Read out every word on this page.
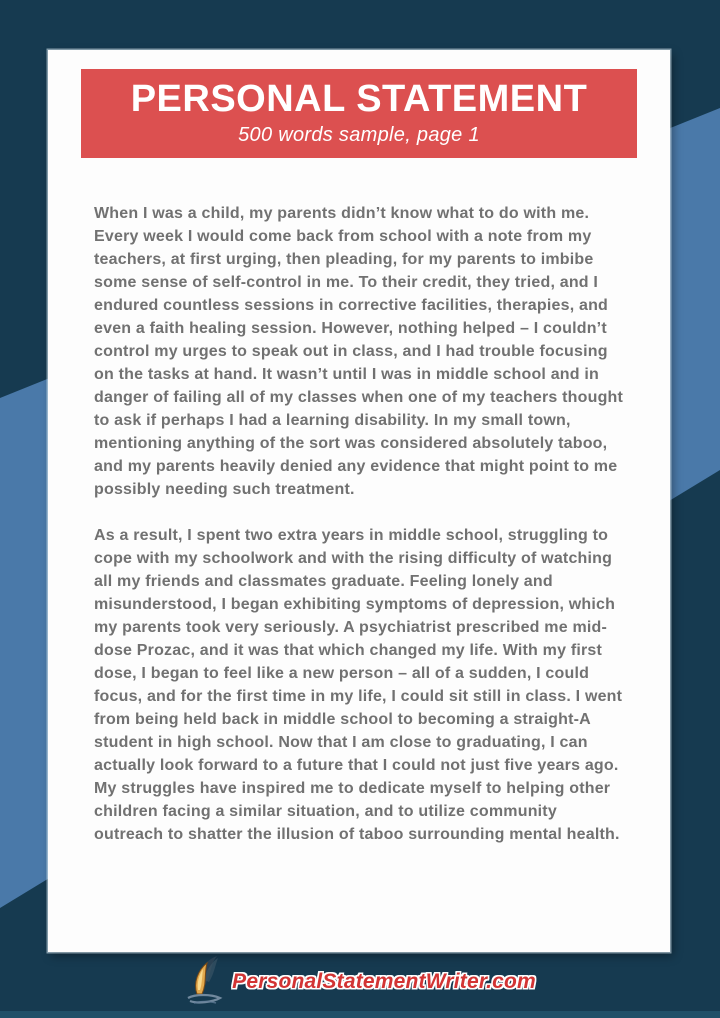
PERSONAL STATEMENT
500 words sample, page 1

When I was a child, my parents didn’t know what to do with me. Every week I would come back from school with a note from my teachers, at first urging, then pleading, for my parents to imbibe some sense of self-control in me. To their credit, they tried, and I endured countless sessions in corrective facilities, therapies, and even a faith healing session. However, nothing helped – I couldn’t control my urges to speak out in class, and I had trouble focusing on the tasks at hand. It wasn’t until I was in middle school and in danger of failing all of my classes when one of my teachers thought to ask if perhaps I had a learning disability. In my small town, mentioning anything of the sort was considered absolutely taboo, and my parents heavily denied any evidence that might point to me possibly needing such treatment.

As a result, I spent two extra years in middle school, struggling to cope with my schoolwork and with the rising difficulty of watching all my friends and classmates graduate. Feeling lonely and misunderstood, I began exhibiting symptoms of depression, which my parents took very seriously. A psychiatrist prescribed me mid-dose Prozac, and it was that which changed my life. With my first dose, I began to feel like a new person – all of a sudden, I could focus, and for the first time in my life, I could sit still in class. I went from being held back in middle school to becoming a straight-A student in high school. Now that I am close to graduating, I can actually look forward to a future that I could not just five years ago. My struggles have inspired me to dedicate myself to helping other children facing a similar situation, and to utilize community outreach to shatter the illusion of taboo surrounding mental health.

PersonalStatementWriter.com
